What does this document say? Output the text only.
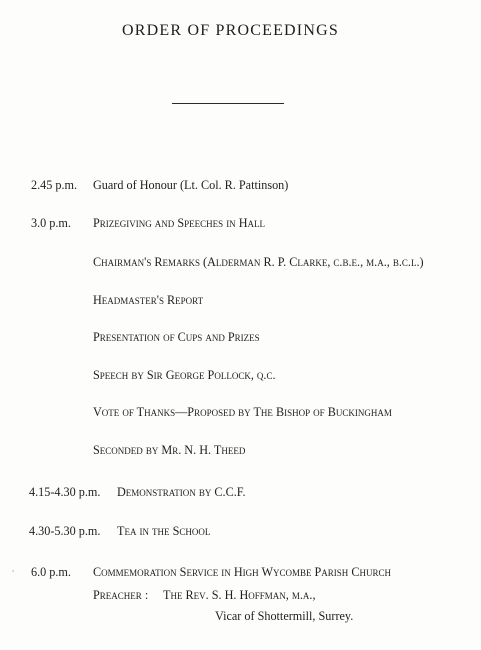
ORDER OF PROCEEDINGS
2.45 p.m. Guard of Honour (Lt. Col. R. Pattinson)
3.0 p.m. Prizegiving and Speeches in Hall
Chairman's Remarks (Alderman R. P. Clarke, c.b.e., m.a., b.c.l.)
Headmaster's Report
Presentation of Cups and Prizes
Speech by Sir George Pollock, q.c.
Vote of Thanks—Proposed by The Bishop of Buckingham
Seconded by Mr. N. H. Theed
4.15-4.30 p.m. Demonstration by C.C.F.
4.30-5.30 p.m. Tea in the School
6.0 p.m. Commemoration Service in High Wycombe Parish Church
Preacher : The Rev. S. H. Hoffman, m.a.,
Vicar of Shottermill, Surrey.
,
